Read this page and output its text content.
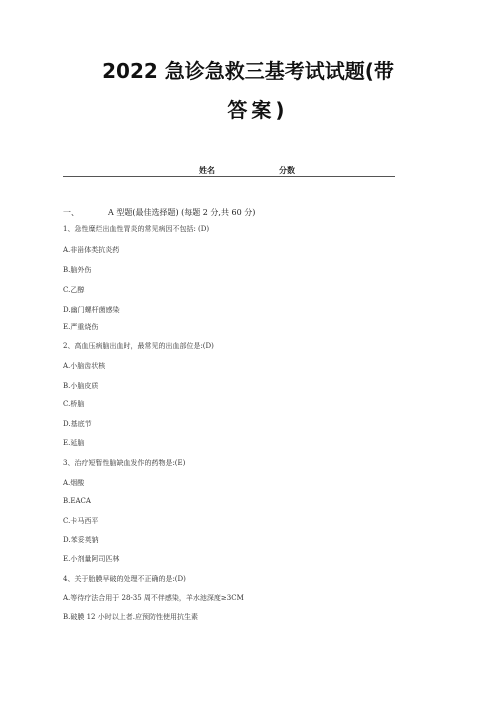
2022 急诊急救三基考试试题(带
答案)
姓名	分数
一、	A 型题(最佳选择题) (每题 2 分,共 60 分)
1、急性糜烂出血性胃炎的常见病因不包括: (D)
A.非甾体类抗炎药
B.脑外伤
C.乙醇
D.幽门螺杆菌感染
E.严重烧伤
2、高血压病脑出血时，最常见的出血部位是:(D)
A.小脑齿状核
B.小脑皮质
C.桥脑
D.基底节
E.延脑
3、治疗短暂性脑缺血发作的药物是:(E)
A.烟酸
B.EACA
C.卡马西平
D.苯妥英钠
E.小剂量阿司匹林
4、关于胎膜早破的处理不正确的是:(D)
A.等待疗法合用于 28-35 周不伴感染，羊水池深度≥3CM
B.破膜 12 小时以上者.应预防性使用抗生素
